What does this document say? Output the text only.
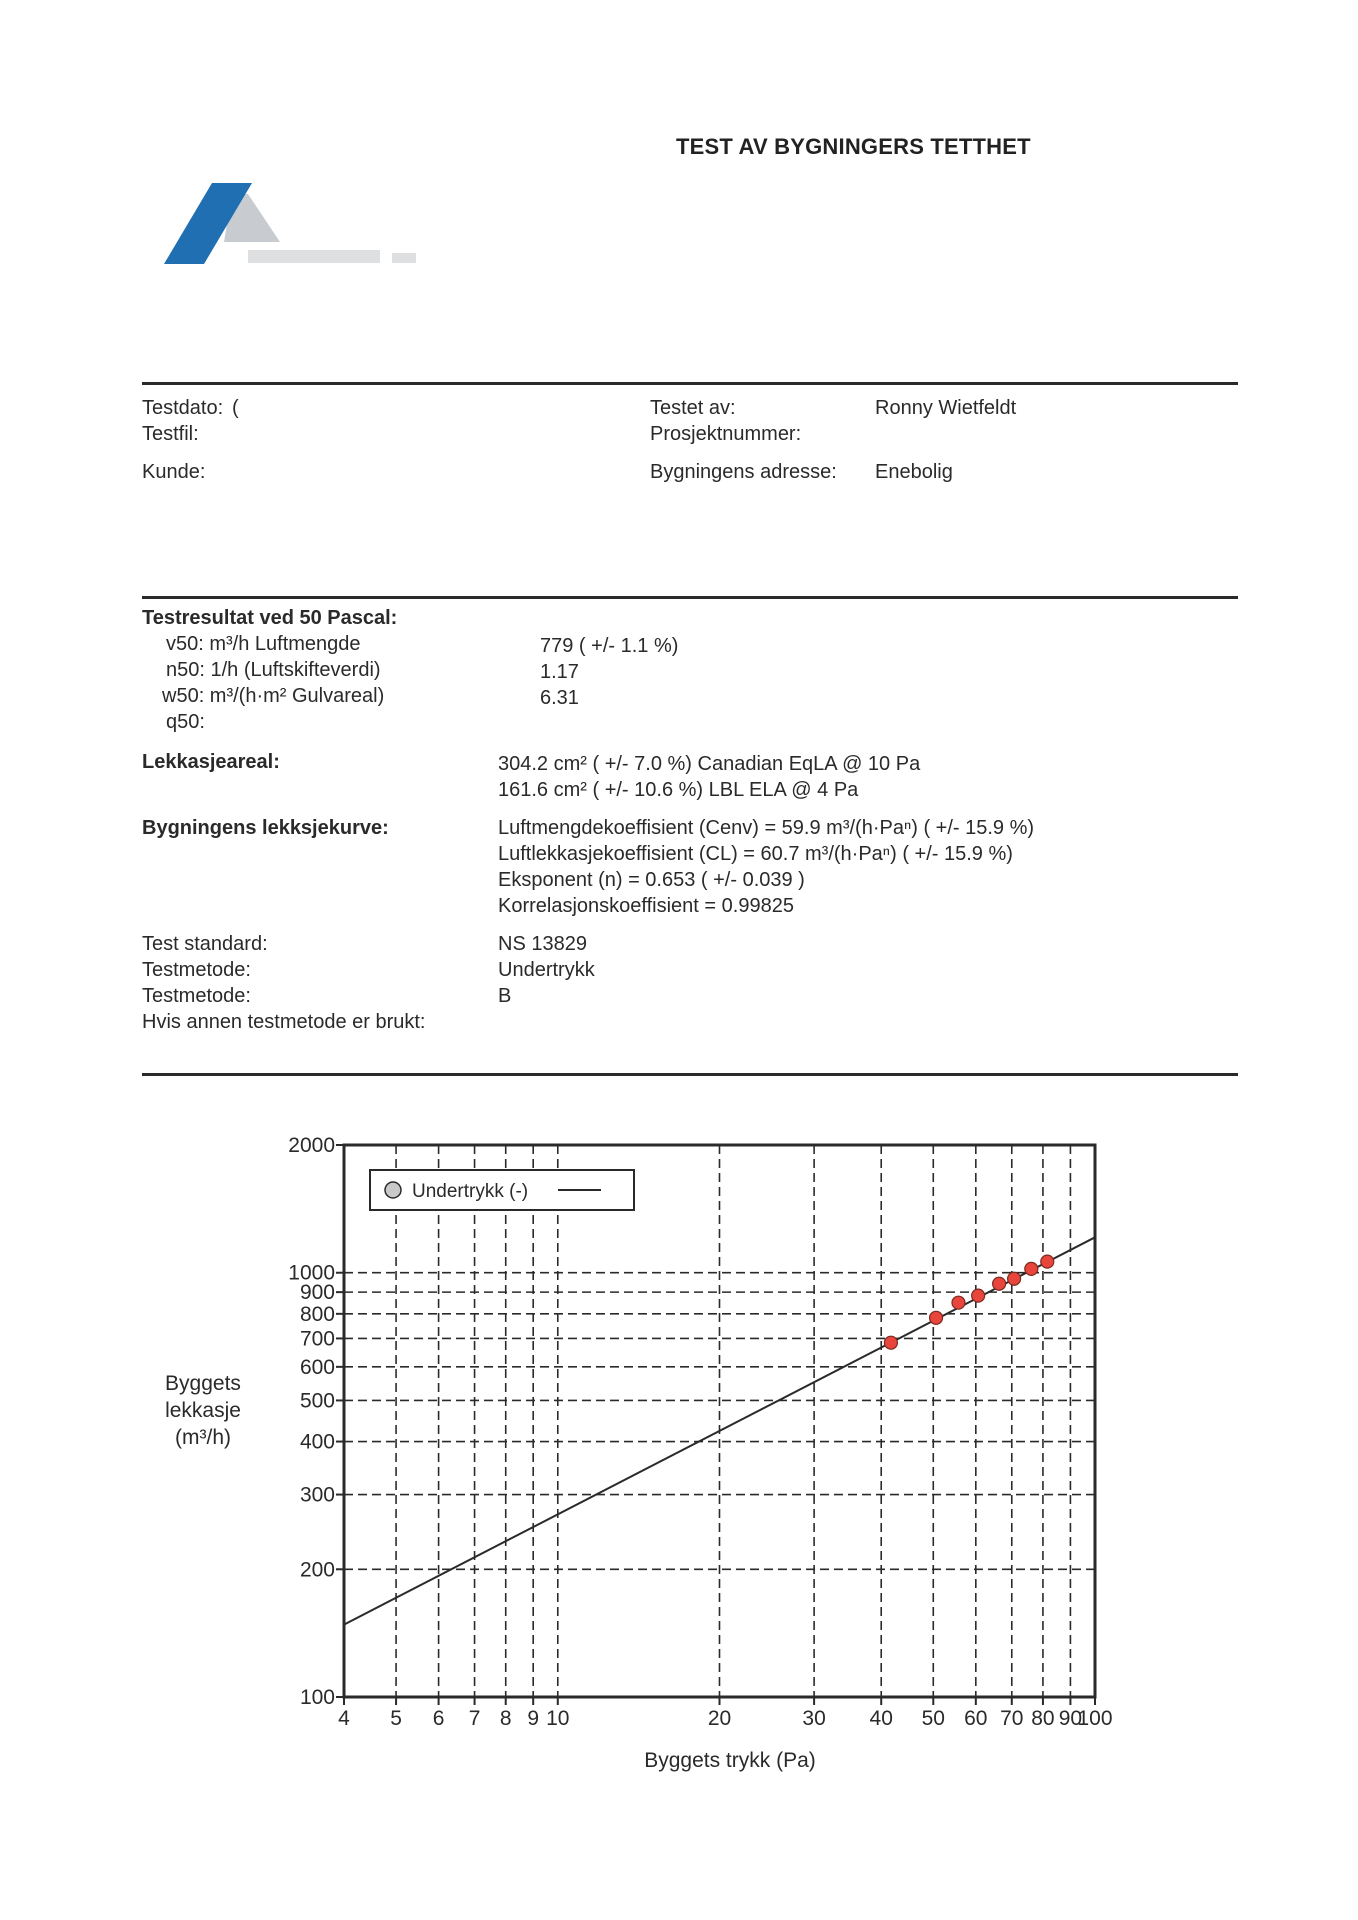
TEST AV BYGNINGERS TETTHET
Testdato: (
Testfil:
Kunde:
Testet av:	Ronny Wietfeldt
Prosjektnummer:
Bygningens adresse: Enebolig
Testresultat ved 50 Pascal:
v50: m³/h Luftmengde	779 ( +/- 1.1 %)
n50: 1/h (Luftskifteverdi)	1.17
w50: m³/(h·m² Gulvareal)	6.31
q50:
Lekkasjeareal:	304.2 cm² ( +/- 7.0 %) Canadian EqLA @ 10 Pa
161.6 cm² ( +/- 10.6 %) LBL ELA @ 4 Pa
Bygningens lekksjekurve:	Luftmengdekoeffisient (Cenv) = 59.9 m³/(h·Paⁿ) ( +/- 15.9 %)
Luftlekkasjekoeffisient (CL) = 60.7 m³/(h·Paⁿ) ( +/- 15.9 %)
Eksponent (n) = 0.653 ( +/- 0.039 )
Korrelasjonskoeffisient = 0.99825
Test standard:	NS 13829
Testmetode:	Undertrykk
Testmetode:	B
Hvis annen testmetode er brukt:
100
200
300
400
500
600
700
800
900
1000
2000
4 5 6 7 8 9 10	20	30 40 50 60 70 80 90
100
Undertrykk (-)
Byggets
lekkasje
(m³/h)
Byggets trykk (Pa)
